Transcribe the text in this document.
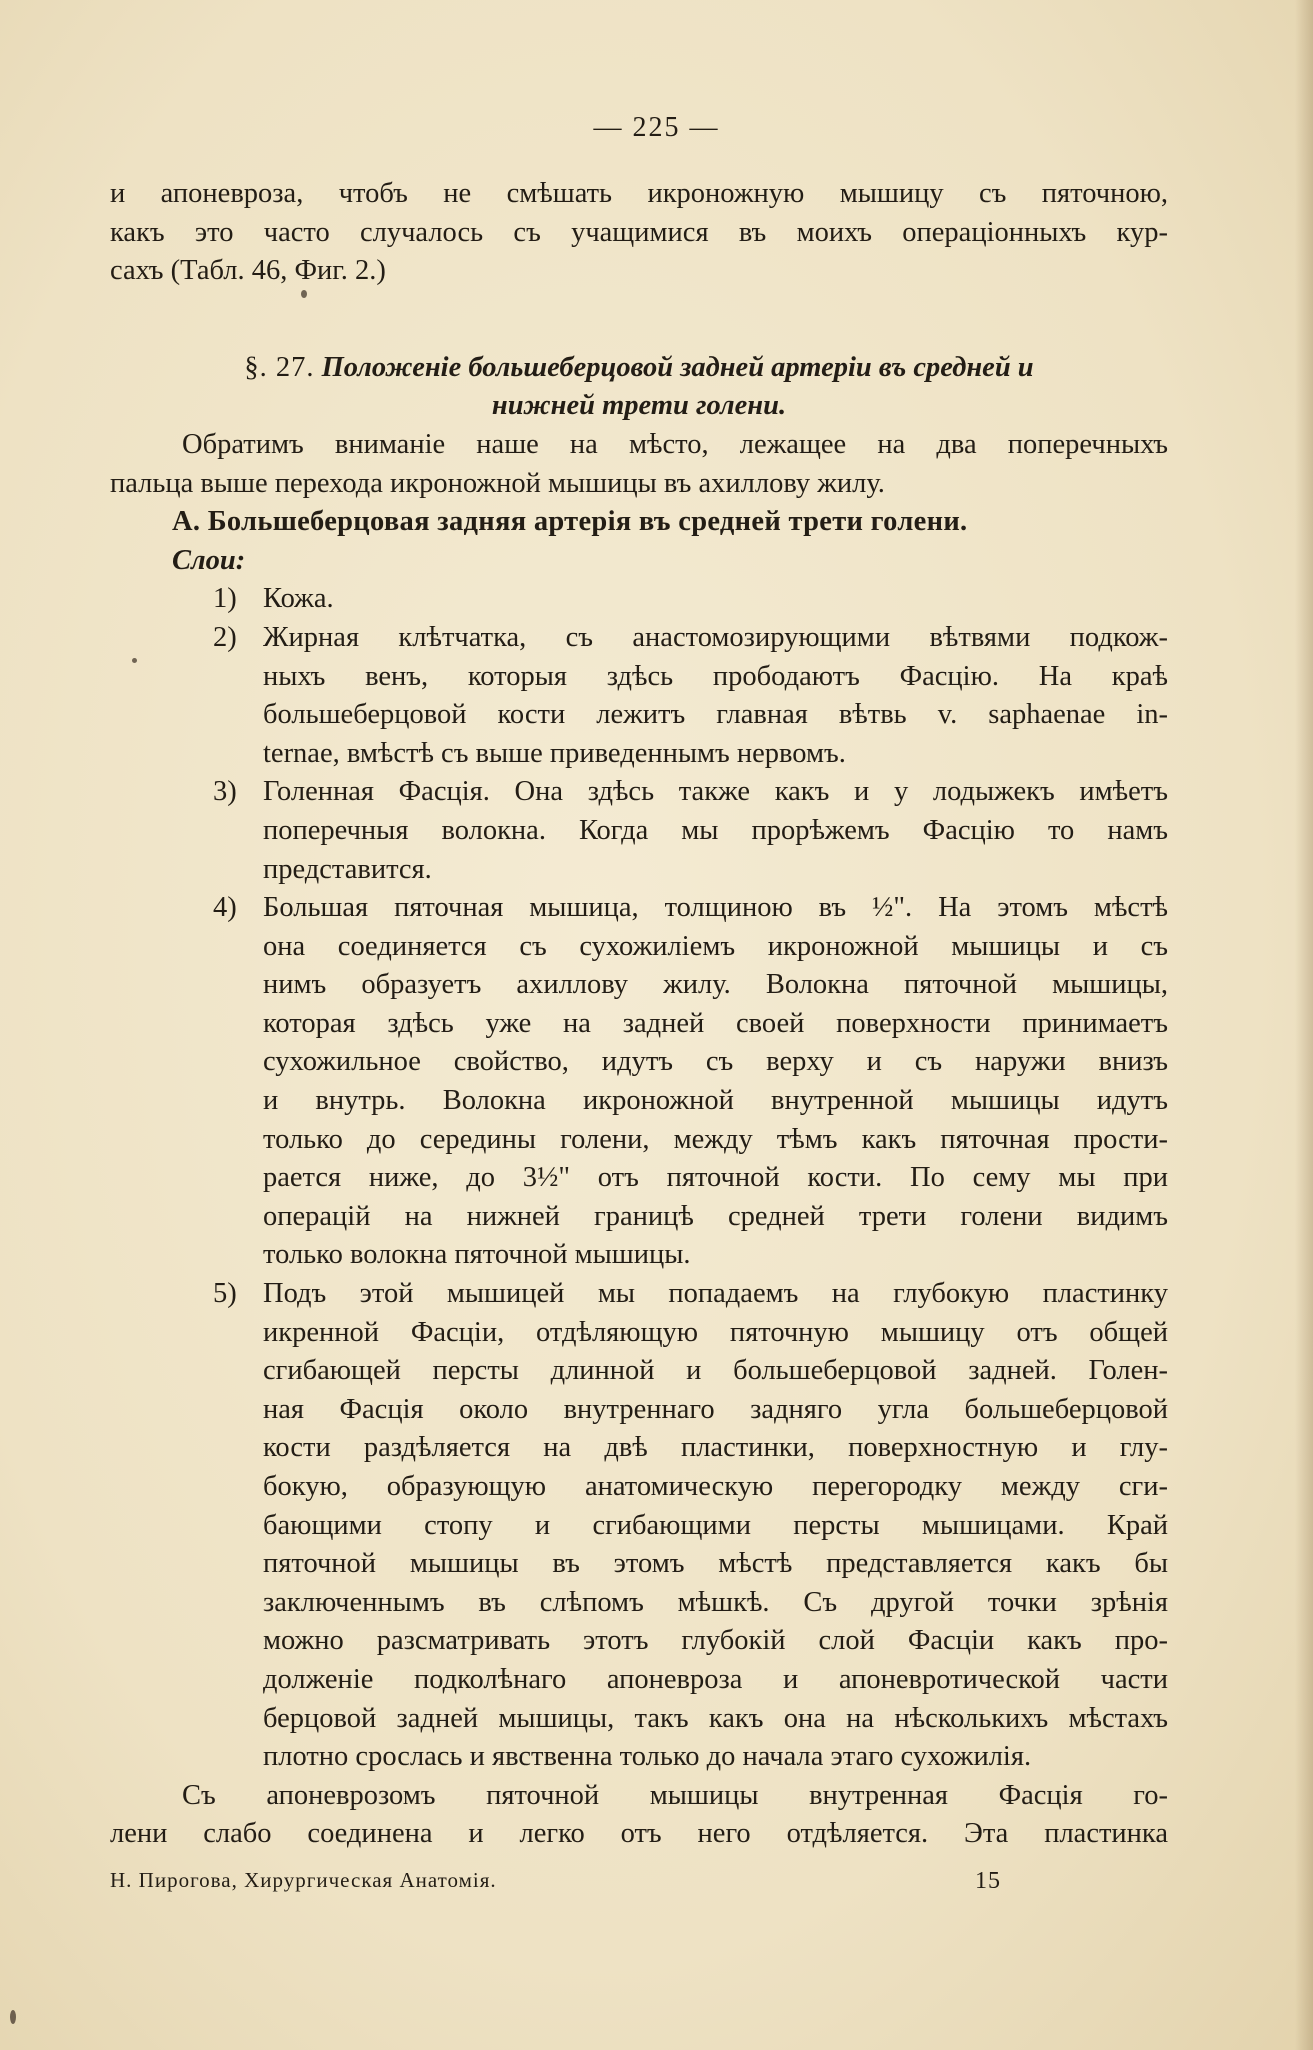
— 225 —

и апоневроза, чтобъ не смѣшать икроножную мышицу съ пяточною,
какъ это часто случалось съ учащимися въ моихъ операціонныхъ кур-
сахъ (Табл. 46, Фиг. 2.)

§. 27. Положеніе большеберцовой задней артеріи въ средней и
нижней трети голени.

Обратимъ вниманіе наше на мѣсто, лежащее на два поперечныхъ
пальца выше перехода икроножной мышицы въ ахиллову жилу.

A. Большеберцовая задняя артерія въ средней трети голени.

Слои:

1) Кожа.
2) Жирная клѣтчатка, съ анастомозирующими вѣтвями подкож-
ныхъ венъ, которыя здѣсь прободаютъ Фасцію. На краѣ
большеберцовой кости лежитъ главная вѣтвь v. saphaenae in-
ternae, вмѣстѣ съ выше приведеннымъ нервомъ.
3) Голенная Фасція. Она здѣсь также какъ и у лодыжекъ имѣетъ
поперечныя волокна. Когда мы прорѣжемъ Фасцію то намъ
представится.
4) Большая пяточная мышица, толщиною въ ½". На этомъ мѣстѣ
она соединяется съ сухожиліемъ икроножной мышицы и съ
нимъ образуетъ ахиллову жилу. Волокна пяточной мышицы,
которая здѣсь уже на задней своей поверхности принимаетъ
сухожильное свойство, идутъ съ верху и съ наружи внизъ
и внутрь. Волокна икроножной внутренной мышицы идутъ
только до середины голени, между тѣмъ какъ пяточная прости-
рается ниже, до 3½" отъ пяточной кости. По сему мы при
операцій на нижней границѣ средней трети голени видимъ
только волокна пяточной мышицы.
5) Подъ этой мышицей мы попадаемъ на глубокую пластинку
икренной Фасціи, отдѣляющую пяточную мышицу отъ общей
сгибающей персты длинной и большеберцовой задней. Голен-
ная Фасція около внутреннаго задняго угла большеберцовой
кости раздѣляется на двѣ пластинки, поверхностную и глу-
бокую, образующую анатомическую перегородку между сги-
бающими стопу и сгибающими персты мышицами. Край
пяточной мышицы въ этомъ мѣстѣ представляется какъ бы
заключеннымъ въ слѣпомъ мѣшкѣ. Съ другой точки зрѣнія
можно разсматривать этотъ глубокій слой Фасціи какъ про-
долженіе подколѣнаго апоневроза и апоневротической части
берцовой задней мышицы, такъ какъ она на нѣсколькихъ мѣстахъ
плотно срослась и явственна только до начала этаго сухожилія.

Съ апоневрозомъ пяточной мышицы внутренная Фасція го-
лени слабо соединена и легко отъ него отдѣляется. Эта пластинка

Н. Пирогова, Хирургическая Анатомія.	15
